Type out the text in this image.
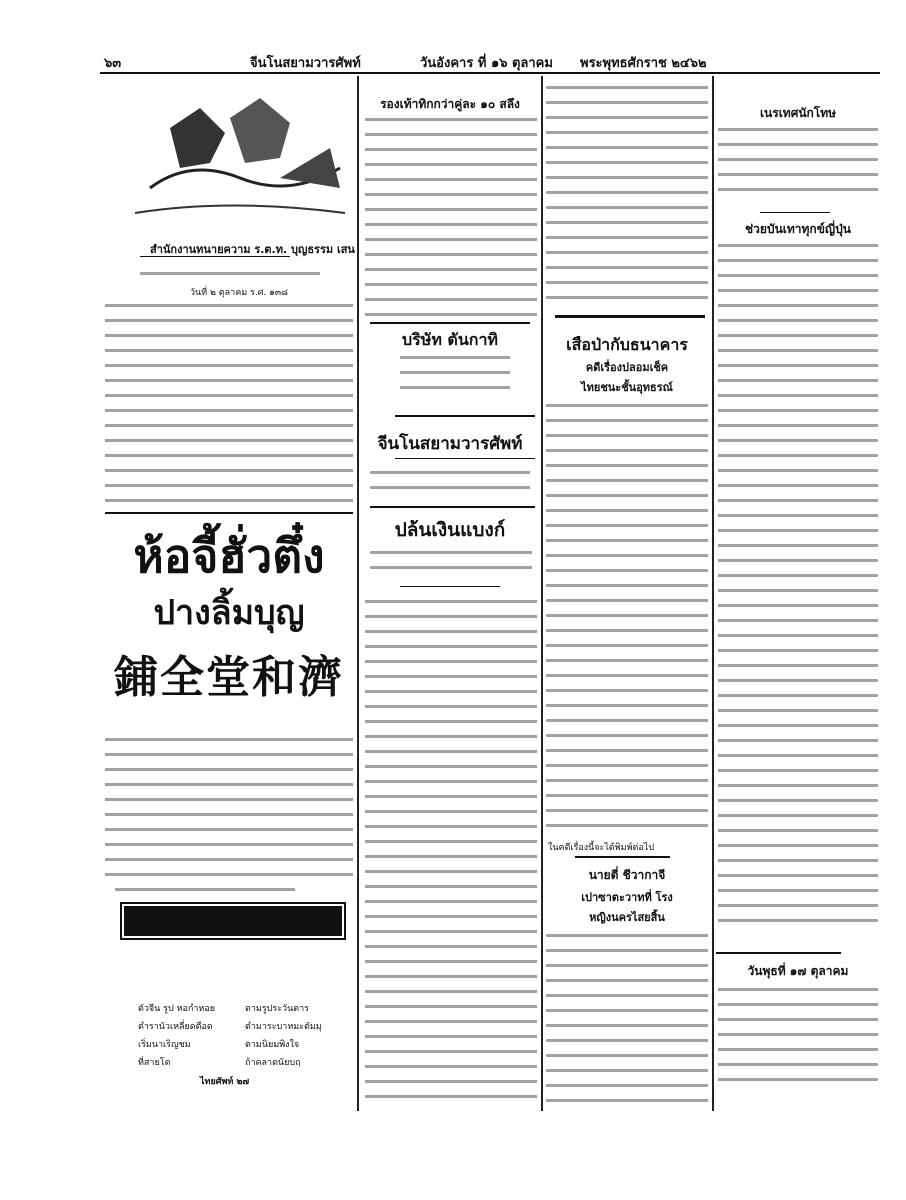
๖๓	จีนโนสยามวารศัพท์	วันอังคาร ที่ ๑๖ ตุลาคม พระพุทธศักราช ๒๔๖๒
สำนักงานทนายความ ร.ต.ท. บุญธรรม เสน
วันที่ ๒ ตุลาคม ร.ศ. ๑๓๘
ห้อจี้ฮั่วตึ๋ง
ปางลิ้มบุญ
鋪全堂和濟
ตัวจีน รูป หอกำหอย	ตามรูประวันตาร
ตำรานัวเหลี่ยดตือด	ตำมาระบาหมะตัมมุ
เริ่มนาเริญชม	ตามนิยมพิงใจ
ที่สายโต	ถ้าคลาดนัยบฤ
ไทยศัพท์ ๒๗
รองเท้าทิกกว่าคู่ละ ๑๐ สลึง
บริษัท ตันกาทิ
จีนโนสยามวารศัพท์
ปล้นเงินแบงก์
เสือป่ากับธนาคาร
คดีเรื่องปลอมเช็ค
ไทยชนะชั้นอุทธรณ์
ในคดีเรื่องนี้จะได้พิมพ์ต่อไป
นายตี่ ชีวากาจี
เปาซาตะวาทที่ โรง
หญิงนครไสยสิ้น
เนรเทศนักโทษ
ช่วยบันเทาทุกข์ญี่ปุ่น
วันพุธที่ ๑๗ ตุลาคม
